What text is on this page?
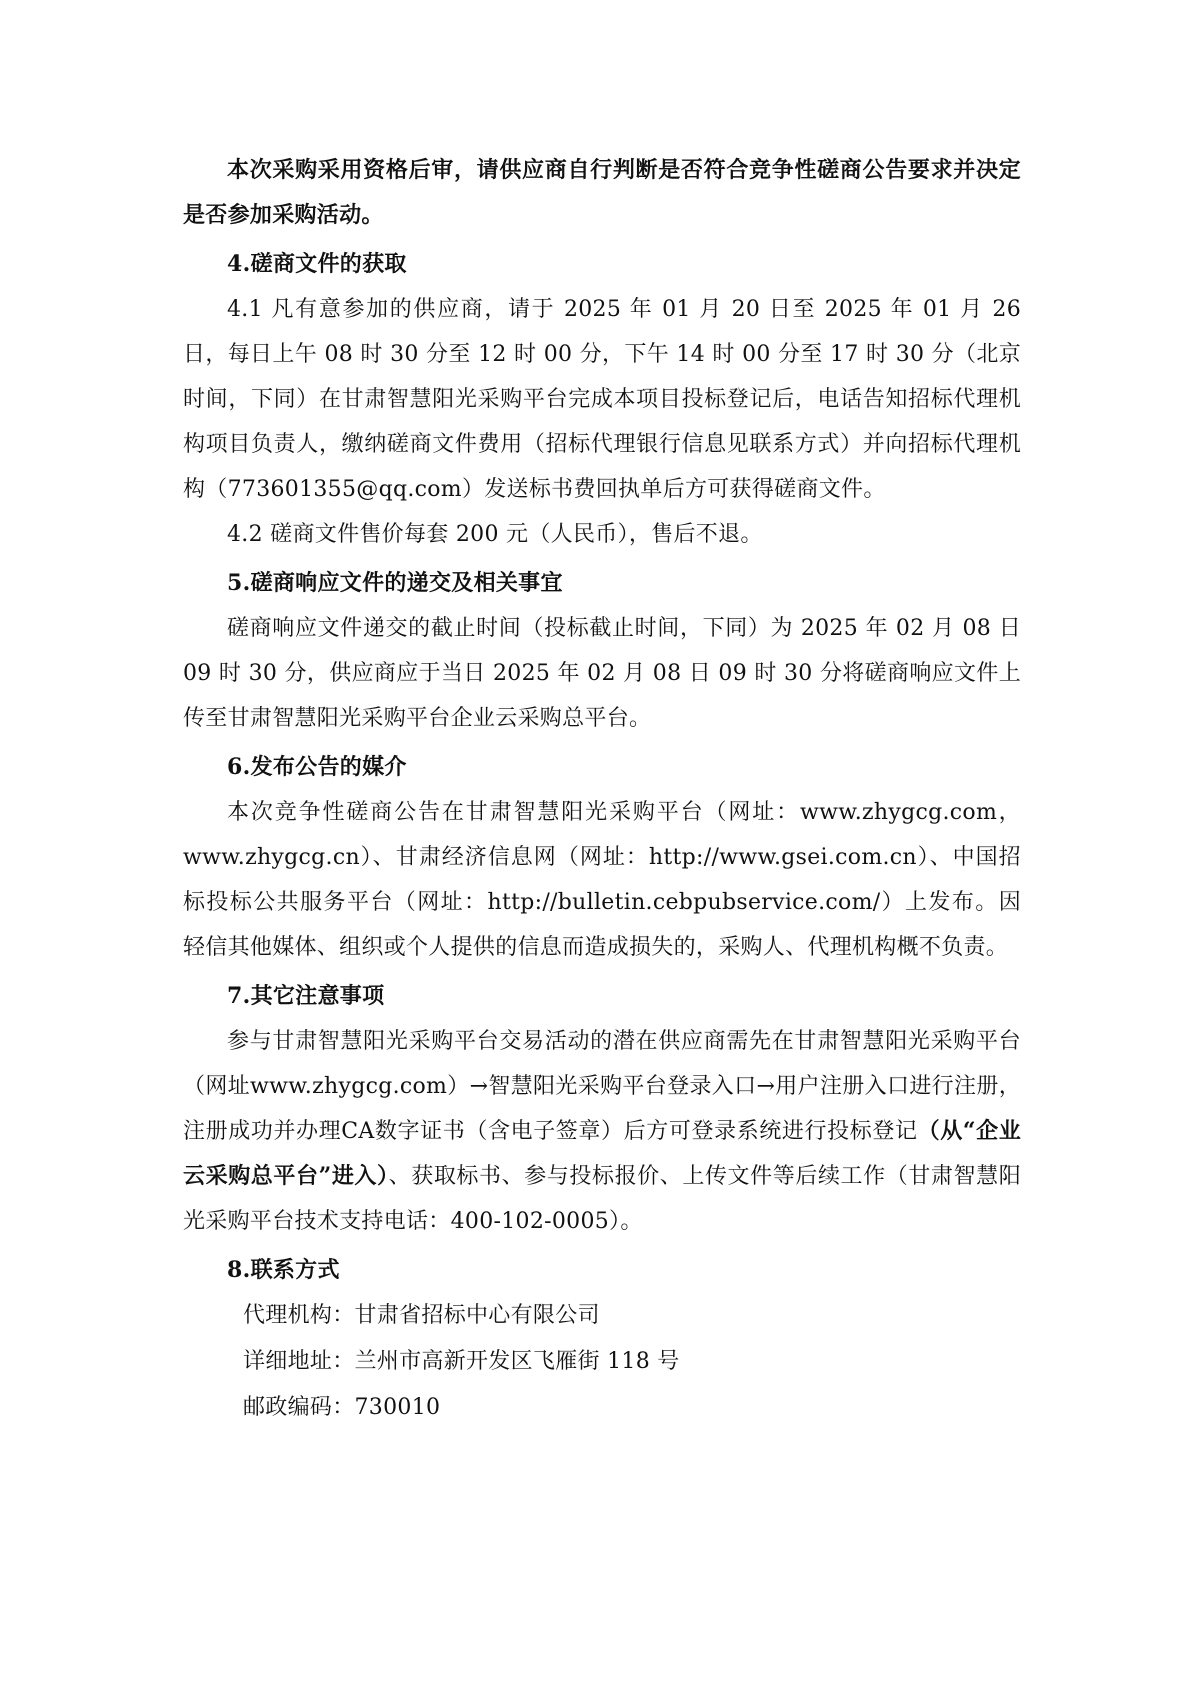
本次采购采用资格后审，请供应商自行判断是否符合竞争性磋商公告要求并决定是否参加采购活动。

4.磋商文件的获取

4.1 凡有意参加的供应商，请于 2025 年 01 月 20 日至 2025 年 01 月 26 日，每日上午 08 时 30 分至 12 时 00 分，下午 14 时 00 分至 17 时 30 分（北京时间，下同）在甘肃智慧阳光采购平台完成本项目投标登记后，电话告知招标代理机构项目负责人，缴纳磋商文件费用（招标代理银行信息见联系方式）并向招标代理机构（773601355@qq.com）发送标书费回执单后方可获得磋商文件。

4.2 磋商文件售价每套 200 元（人民币），售后不退。

5.磋商响应文件的递交及相关事宜

磋商响应文件递交的截止时间（投标截止时间，下同）为 2025 年 02 月 08 日 09 时 30 分，供应商应于当日 2025 年 02 月 08 日 09 时 30 分将磋商响应文件上传至甘肃智慧阳光采购平台企业云采购总平台。

6.发布公告的媒介

本次竞争性磋商公告在甘肃智慧阳光采购平台（网址：www.zhygcg.com，www.zhygcg.cn）、甘肃经济信息网（网址：http://www.gsei.com.cn）、中国招标投标公共服务平台（网址：http://bulletin.cebpubservice.com/）上发布。因轻信其他媒体、组织或个人提供的信息而造成损失的，采购人、代理机构概不负责。

7.其它注意事项

参与甘肃智慧阳光采购平台交易活动的潜在供应商需先在甘肃智慧阳光采购平台（网址www.zhygcg.com）→智慧阳光采购平台登录入口→用户注册入口进行注册，注册成功并办理CA数字证书（含电子签章）后方可登录系统进行投标登记（从“企业云采购总平台”进入）、获取标书、参与投标报价、上传文件等后续工作（甘肃智慧阳光采购平台技术支持电话：400-102-0005）。

8.联系方式

代理机构：甘肃省招标中心有限公司

详细地址：兰州市高新开发区飞雁街 118 号

邮政编码：730010
